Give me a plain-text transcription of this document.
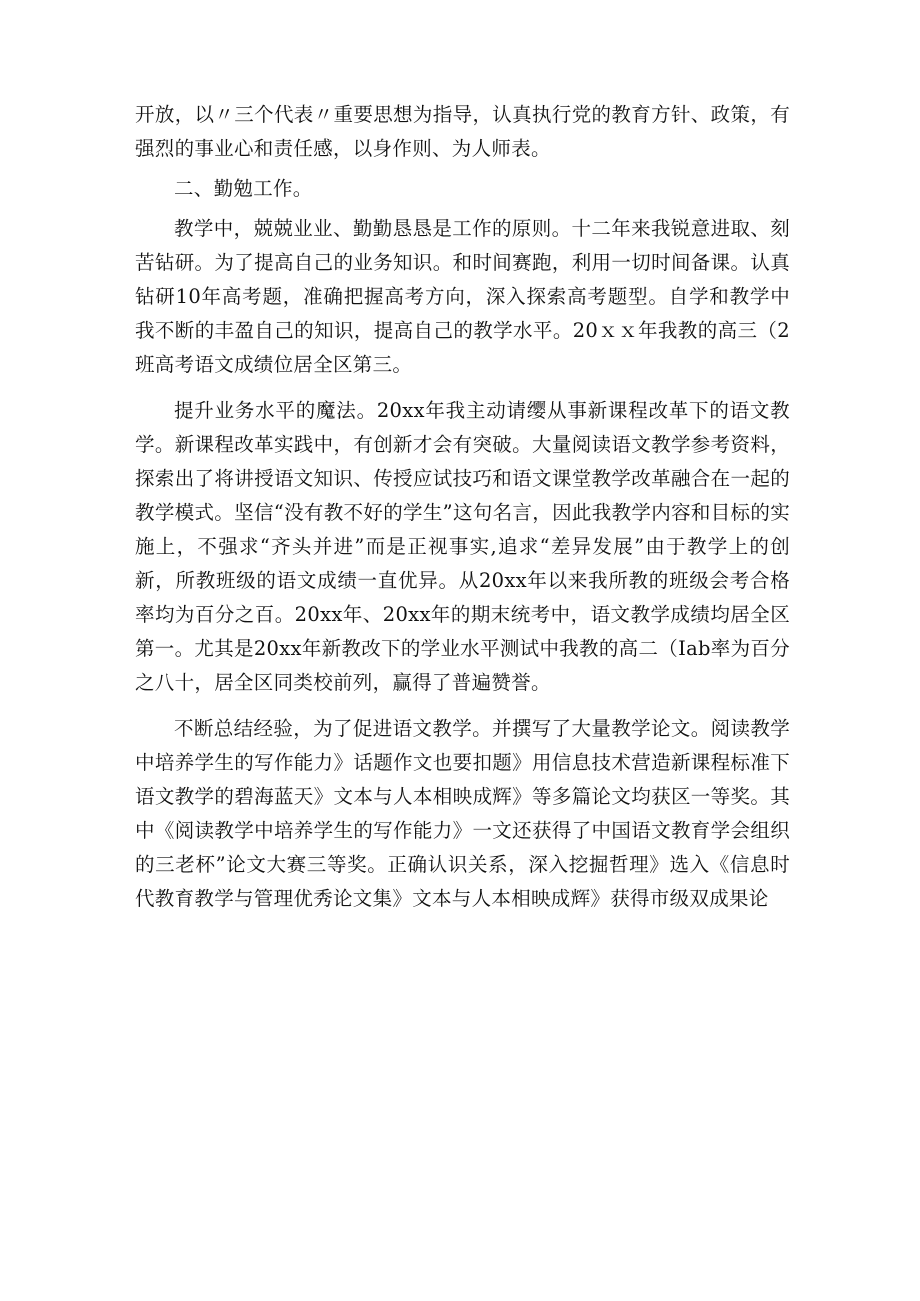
开放，以〃三个代表〃重要思想为指导，认真执行党的教育方针、政策，有强烈的事业心和责任感，以身作则、为人师表。

二、勤勉工作。

教学中，兢兢业业、勤勤恳恳是工作的原则。十二年来我锐意进取、刻苦钻研。为了提高自己的业务知识。和时间赛跑，利用一切时间备课。认真钻研10年高考题，准确把握高考方向，深入探索高考题型。自学和教学中我不断的丰盈自己的知识，提高自己的教学水平。20ｘｘ年我教的高三（2班高考语文成绩位居全区第三。

提升业务水平的魔法。20xx年我主动请缨从事新课程改革下的语文教学。新课程改革实践中，有创新才会有突破。大量阅读语文教学参考资料，探索出了将讲授语文知识、传授应试技巧和语文课堂教学改革融合在一起的教学模式。坚信“没有教不好的学生”这句名言，因此我教学内容和目标的实施上，不强求“齐头并进”而是正视事实,追求“差异发展”由于教学上的创新，所教班级的语文成绩一直优异。从20xx年以来我所教的班级会考合格率均为百分之百。20xx年、20xx年的期末统考中，语文教学成绩均居全区第一。尤其是20xx年新教改下的学业水平测试中我教的高二（Iab率为百分之八十，居全区同类校前列，赢得了普遍赞誉。

不断总结经验，为了促进语文教学。并撰写了大量教学论文。阅读教学中培养学生的写作能力》话题作文也要扣题》用信息技术营造新课程标准下语文教学的碧海蓝天》文本与人本相映成辉》等多篇论文均获区一等奖。其中《阅读教学中培养学生的写作能力》一文还获得了中国语文教育学会组织的三老杯”论文大赛三等奖。正确认识关系，深入挖掘哲理》选入《信息时代教育教学与管理优秀论文集》文本与人本相映成辉》获得市级双成果论
